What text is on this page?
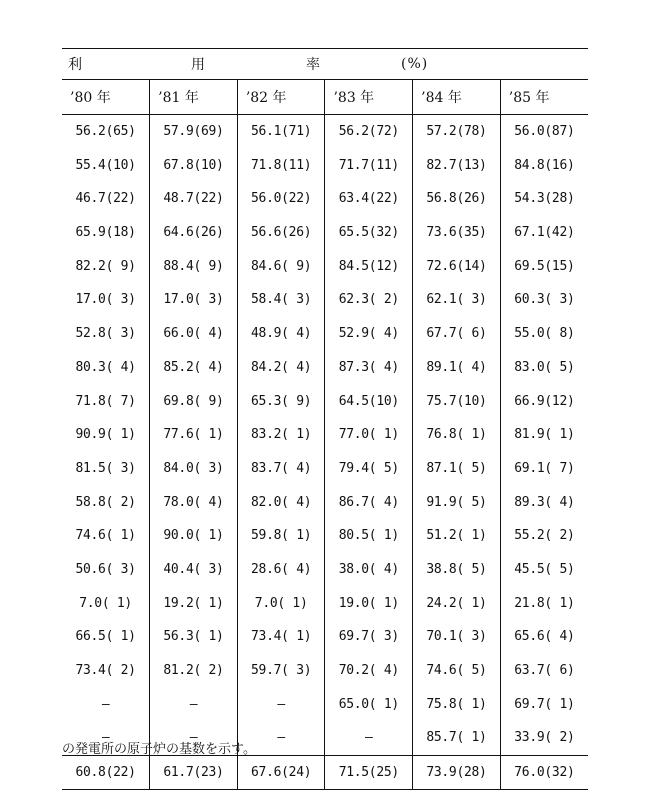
利	用	率	(%)
’80 年	’81 年	’82 年	’83 年	’84 年	’85 年
56.2(65)	57.9(69)	56.1(71)	56.2(72)	57.2(78)	56.0(87)
55.4(10)	67.8(10)	71.8(11)	71.7(11)	82.7(13)	84.8(16)
46.7(22)	48.7(22)	56.0(22)	63.4(22)	56.8(26)	54.3(28)
65.9(18)	64.6(26)	56.6(26)	65.5(32)	73.6(35)	67.1(42)
82.2( 9)	88.4( 9)	84.6( 9)	84.5(12)	72.6(14)	69.5(15)
17.0( 3)	17.0( 3)	58.4( 3)	62.3( 2)	62.1( 3)	60.3( 3)
52.8( 3)	66.0( 4)	48.9( 4)	52.9( 4)	67.7( 6)	55.0( 8)
80.3( 4)	85.2( 4)	84.2( 4)	87.3( 4)	89.1( 4)	83.0( 5)
71.8( 7)	69.8( 9)	65.3( 9)	64.5(10)	75.7(10)	66.9(12)
90.9( 1)	77.6( 1)	83.2( 1)	77.0( 1)	76.8( 1)	81.9( 1)
81.5( 3)	84.0( 3)	83.7( 4)	79.4( 5)	87.1( 5)	69.1( 7)
58.8( 2)	78.0( 4)	82.0( 4)	86.7( 4)	91.9( 5)	89.3( 4)
74.6( 1)	90.0( 1)	59.8( 1)	80.5( 1)	51.2( 1)	55.2( 2)
50.6( 3)	40.4( 3)	28.6( 4)	38.0( 4)	38.8( 5)	45.5( 5)
7.0( 1)	19.2( 1)	7.0( 1)	19.0( 1)	24.2( 1)	21.8( 1)
66.5( 1)	56.3( 1)	73.4( 1)	69.7( 3)	70.1( 3)	65.6( 4)
73.4( 2)	81.2( 2)	59.7( 3)	70.2( 4)	74.6( 5)	63.7( 6)
—	—	—	65.0( 1)	75.8( 1)	69.7( 1)
—	—	—	—	85.7( 1)	33.9( 2)
60.8(22)	61.7(23)	67.6(24)	71.5(25)	73.9(28)	76.0(32)
の発電所の原子炉の基数を示す。
